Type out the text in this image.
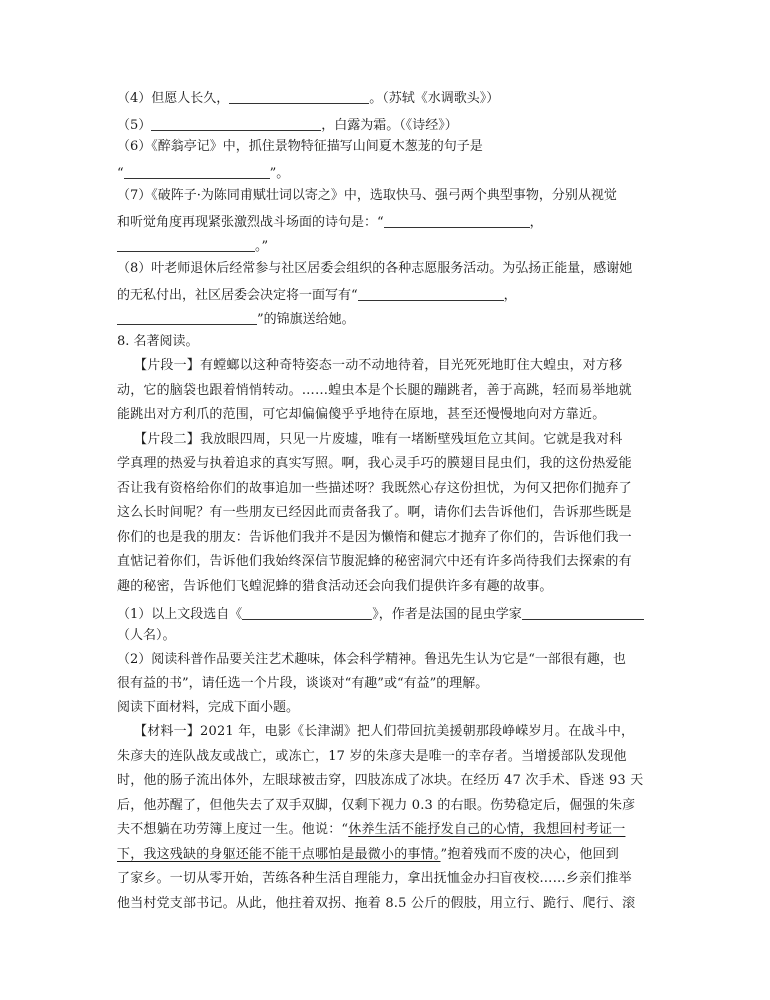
（4）但愿人长久，	。（苏轼《水调歌头》）
（5）	，白露为霜。（《诗经》）
（6）《醉翁亭记》中，抓住景物特征描写山间夏木葱茏的句子是
“	”。
（7）《破阵子·为陈同甫赋壮词以寄之》中，选取快马、强弓两个典型事物，分别从视觉
和听觉角度再现紧张激烈战斗场面的诗句是：“	，
。”
（8）叶老师退休后经常参与社区居委会组织的各种志愿服务活动。为弘扬正能量，感谢她
的无私付出，社区居委会决定将一面写有“	，
”的锦旗送给她。
8. 名著阅读。
【片段一】有螳螂以这种奇特姿态一动不动地待着，目光死死地盯住大蝗虫，对方移
动，它的脑袋也跟着悄悄转动。……蝗虫本是个长腿的蹦跳者，善于高跳，轻而易举地就
能跳出对方利爪的范围，可它却偏偏傻乎乎地待在原地，甚至还慢慢地向对方靠近。
【片段二】我放眼四周，只见一片废墟，唯有一堵断壁残垣危立其间。它就是我对科
学真理的热爱与执着追求的真实写照。啊，我心灵手巧的膜翅目昆虫们，我的这份热爱能
否让我有资格给你们的故事追加一些描述呀？我既然心存这份担忧，为何又把你们抛弃了
这么长时间呢？有一些朋友已经因此而责备我了。啊，请你们去告诉他们，告诉那些既是
你们的也是我的朋友：告诉他们我并不是因为懒惰和健忘才抛弃了你们的，告诉他们我一
直惦记着你们，告诉他们我始终深信节腹泥蜂的秘密洞穴中还有许多尚待我们去探索的有
趣的秘密，告诉他们飞蝗泥蜂的猎食活动还会向我们提供许多有趣的故事。
（1）以上文段选自《	》，作者是法国的昆虫学家
（人名）。
（2）阅读科普作品要关注艺术趣味，体会科学精神。鲁迅先生认为它是“一部很有趣，也
很有益的书”，请任选一个片段，谈谈对“有趣”或“有益”的理解。
阅读下面材料，完成下面小题。
【材料一】2021 年，电影《长津湖》把人们带回抗美援朝那段峥嵘岁月。在战斗中，
朱彦夫的连队战友或战亡，或冻亡，17 岁的朱彦夫是唯一的幸存者。当增援部队发现他
时，他的肠子流出体外，左眼球被击穿，四肢冻成了冰块。在经历 47 次手术、昏迷 93 天
后，他苏醒了，但他失去了双手双脚，仅剩下视力 0.3 的右眼。伤势稳定后，倔强的朱彦
夫不想躺在功劳簿上度过一生。他说：“休养生活不能抒发自己的心情，我想回村考证一
下，我这残缺的身躯还能不能干点哪怕是最微小的事情。”抱着残而不废的决心，他回到
了家乡。一切从零开始，苦练各种生活自理能力，拿出抚恤金办扫盲夜校……乡亲们推举
他当村党支部书记。从此，他拄着双拐、拖着 8.5 公斤的假肢，用立行、跪行、爬行、滚
